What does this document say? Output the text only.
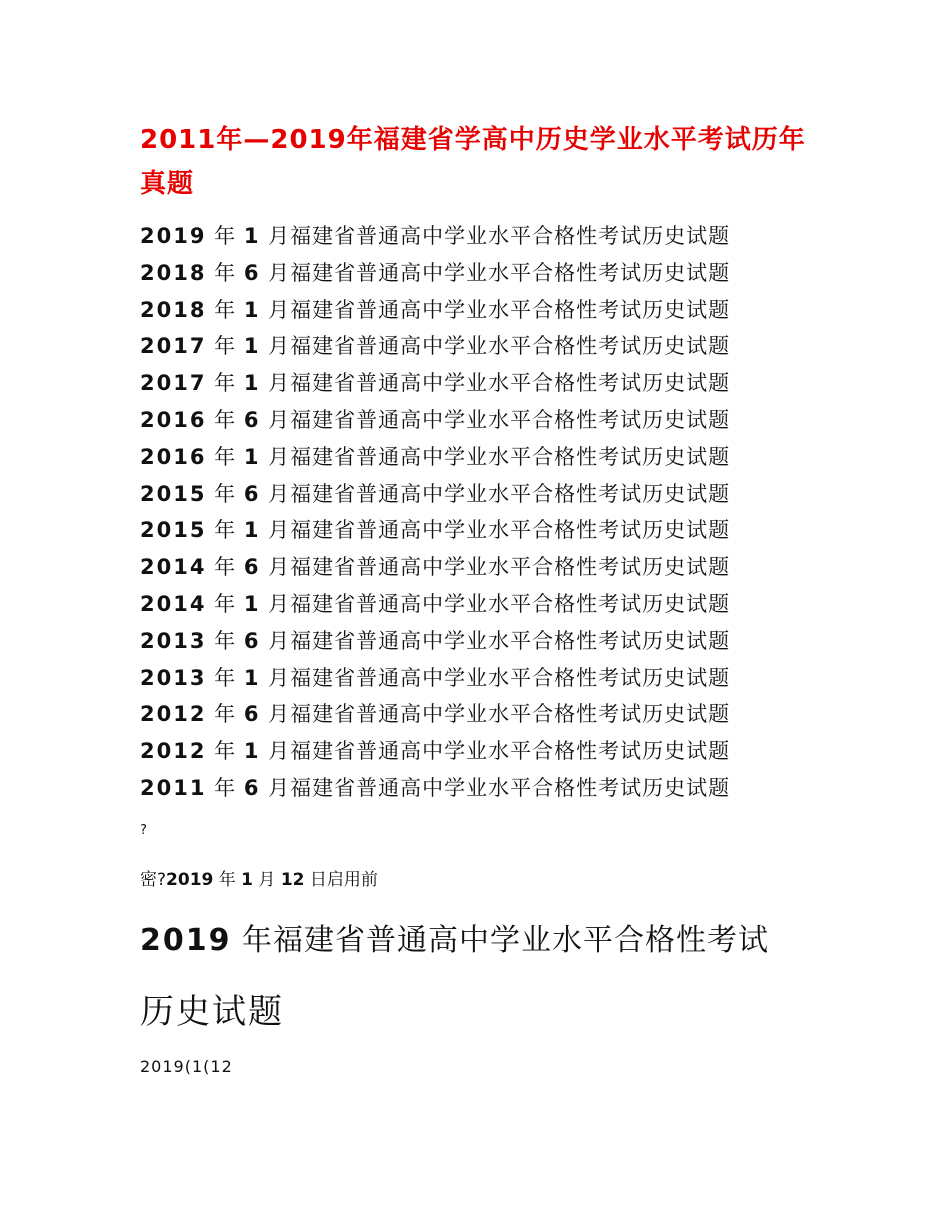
2011年—2019年福建省学高中历史学业水平考试历年真题
2019 年 1 月福建省普通高中学业水平合格性考试历史试题
2018 年 6 月福建省普通高中学业水平合格性考试历史试题
2018 年 1 月福建省普通高中学业水平合格性考试历史试题
2017 年 1 月福建省普通高中学业水平合格性考试历史试题
2017 年 1 月福建省普通高中学业水平合格性考试历史试题
2016 年 6 月福建省普通高中学业水平合格性考试历史试题
2016 年 1 月福建省普通高中学业水平合格性考试历史试题
2015 年 6 月福建省普通高中学业水平合格性考试历史试题
2015 年 1 月福建省普通高中学业水平合格性考试历史试题
2014 年 6 月福建省普通高中学业水平合格性考试历史试题
2014 年 1 月福建省普通高中学业水平合格性考试历史试题
2013 年 6 月福建省普通高中学业水平合格性考试历史试题
2013 年 1 月福建省普通高中学业水平合格性考试历史试题
2012 年 6 月福建省普通高中学业水平合格性考试历史试题
2012 年 1 月福建省普通高中学业水平合格性考试历史试题
2011 年 6 月福建省普通高中学业水平合格性考试历史试题
?
密?2019 年 1 月 12 日启用前
2019 年福建省普通高中学业水平合格性考试
历史试题
2019(1(12
